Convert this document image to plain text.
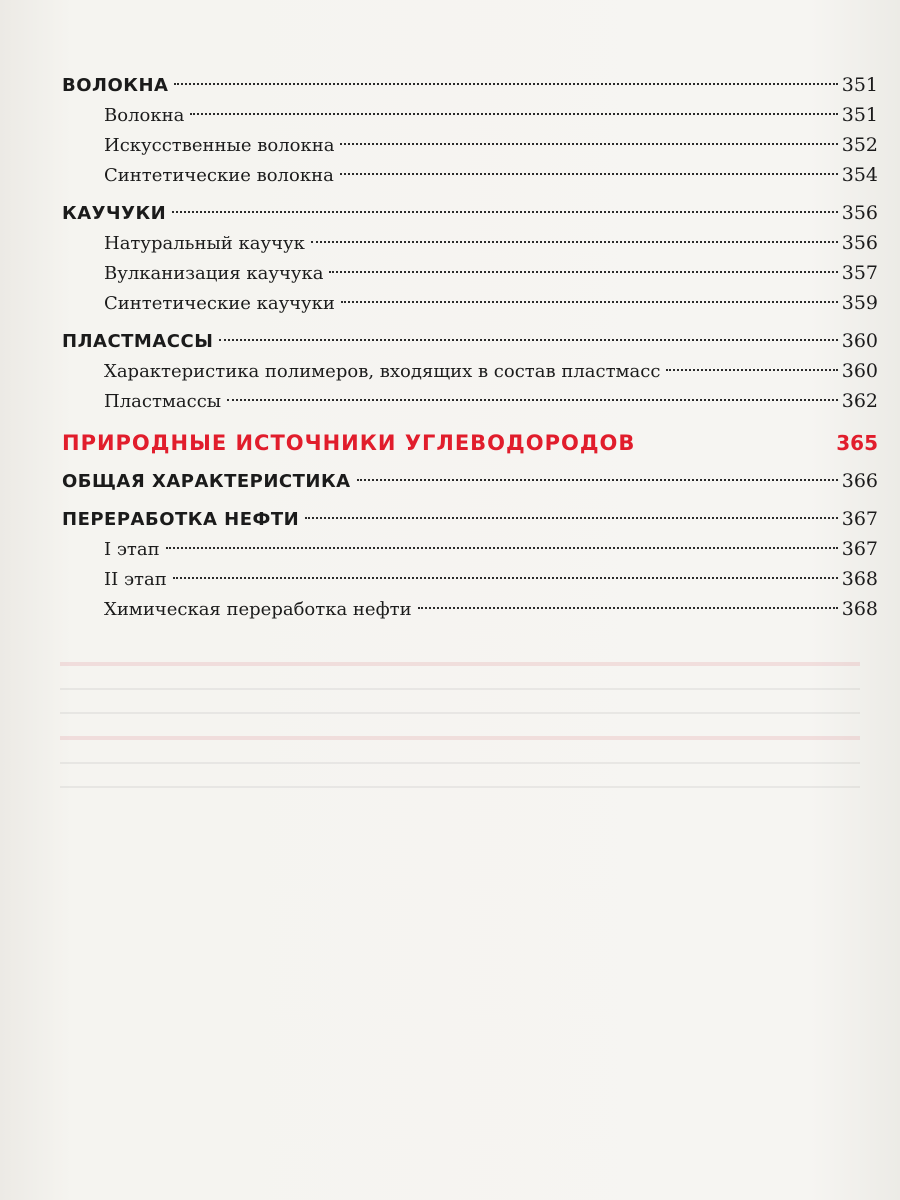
ВОЛОКНА	351
Волокна	351
Искусственные волокна	352
Синтетические волокна	354
КАУЧУКИ	356
Натуральный каучук	356
Вулканизация каучука	357
Синтетические каучуки	359
ПЛАСТМАССЫ	360
Характеристика полимеров, входящих в состав пластмасс	360
Пластмассы	362
ПРИРОДНЫЕ ИСТОЧНИКИ УГЛЕВОДОРОДОВ	365
ОБЩАЯ ХАРАКТЕРИСТИКА	366
ПЕРЕРАБОТКА НЕФТИ	367
I этап	367
II этап	368
Химическая переработка нефти	368
